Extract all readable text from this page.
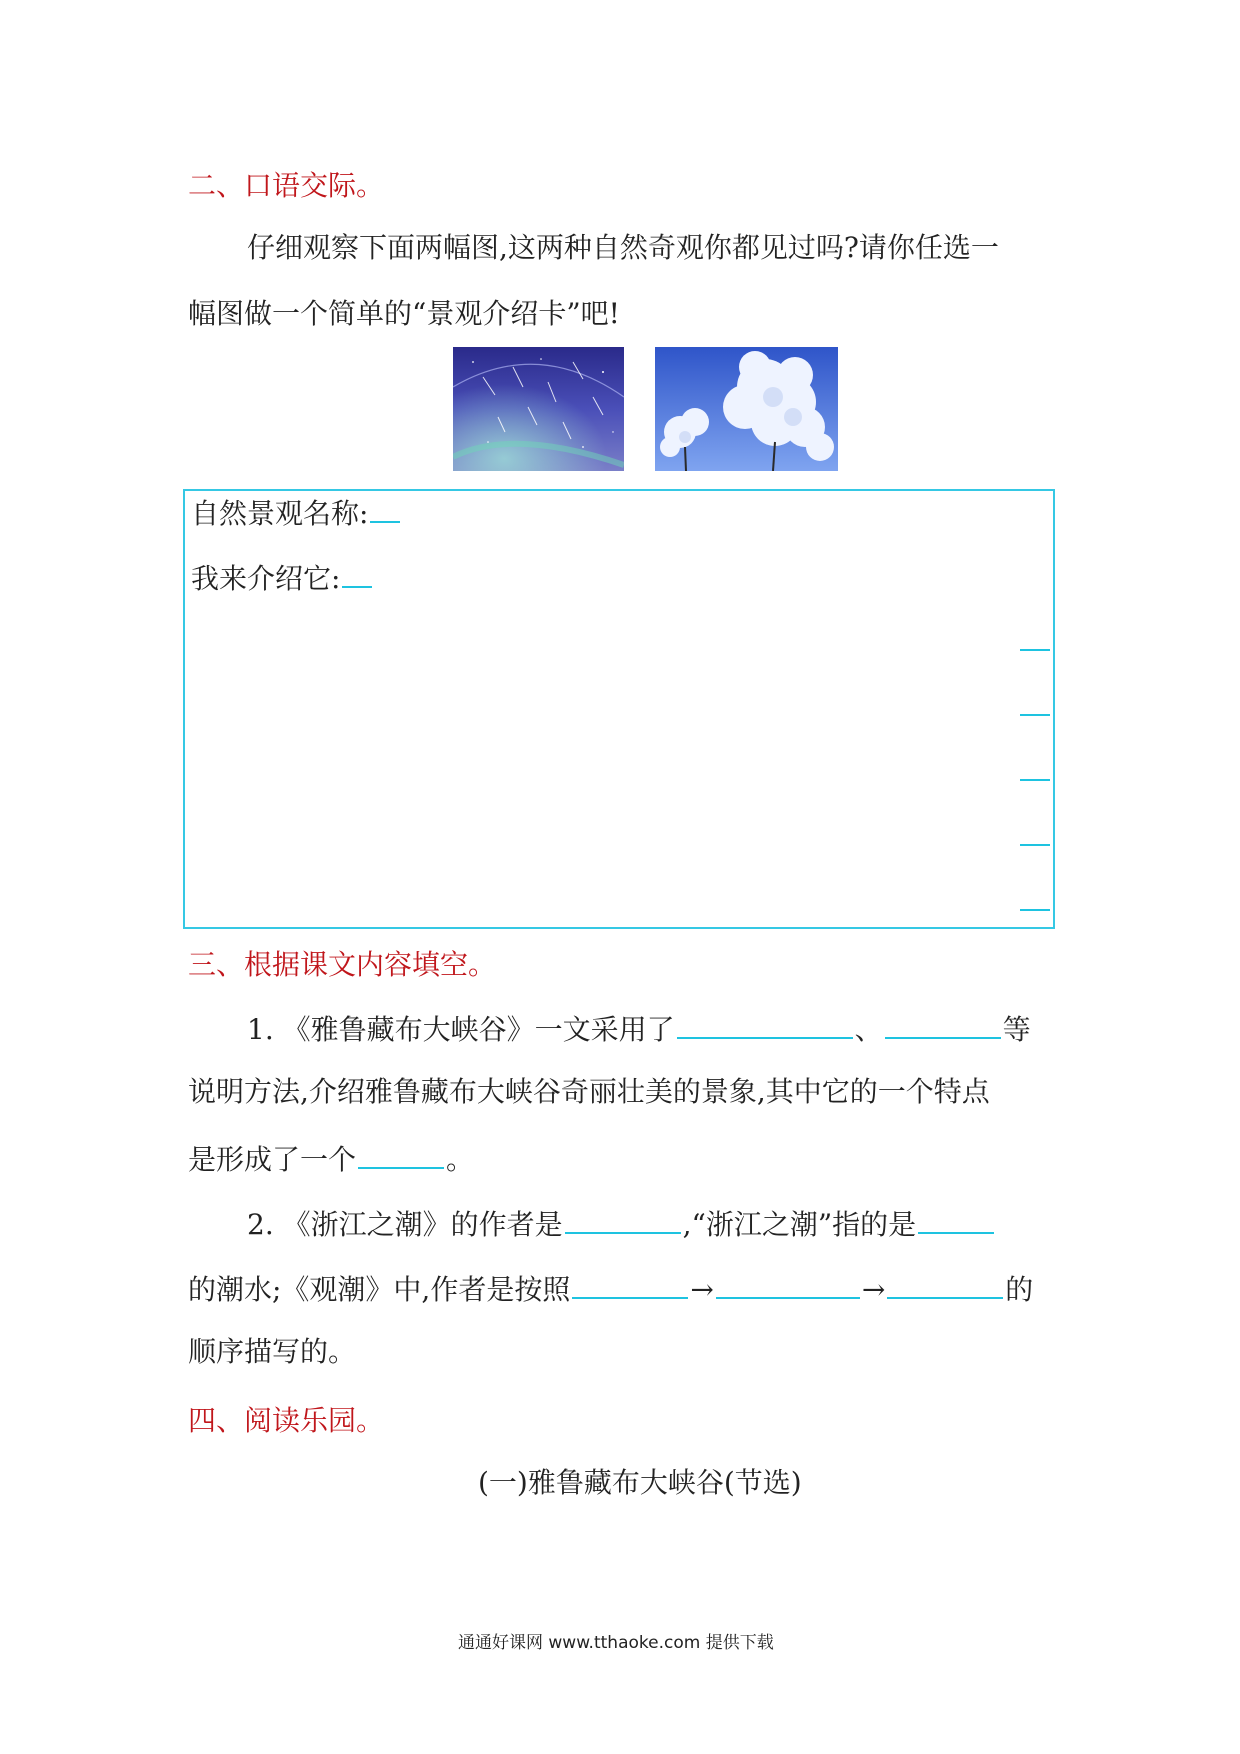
二、口语交际。
仔细观察下面两幅图,这两种自然奇观你都见过吗?请你任选一
幅图做一个简单的“景观介绍卡”吧!
自然景观名称:
我来介绍它:
三、根据课文内容填空。
1. 《雅鲁藏布大峡谷》一文采用了	、	等
说明方法,介绍雅鲁藏布大峡谷奇丽壮美的景象,其中它的一个特点
是形成了一个	。
2. 《浙江之潮》的作者是	,“浙江之潮”指的是
的潮水;《观潮》中,作者是按照	→	→	的
顺序描写的。
四、阅读乐园。
(一)雅鲁藏布大峡谷(节选)
通通好课网 www.tthaoke.com 提供下载
